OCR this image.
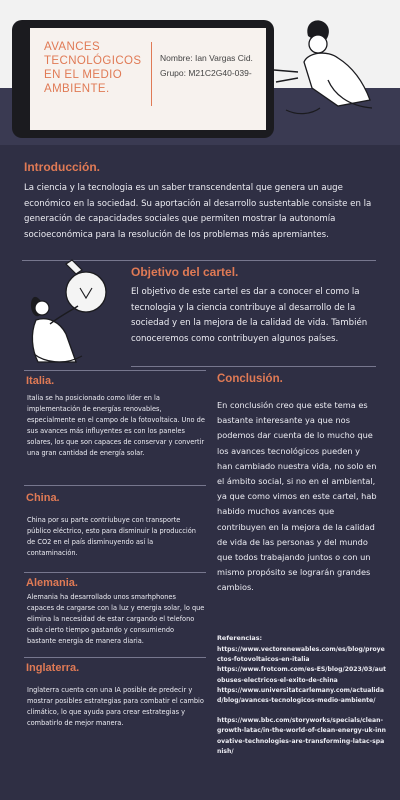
AVANCES TECNOLÓGICOS EN EL MEDIO AMBIENTE.
Nombre: Ian Vargas Cid.
Grupo: M21C2G40-039-
Introducción.
La ciencia y la tecnologia es un saber transcendental que genera un auge económico en la sociedad. Su aportación al desarrollo sustentable consiste en la generación de capacidades sociales que permiten mostrar la autonomía socioeconómica para la resolución de los problemas más apremiantes.
Objetivo del cartel.
El objetivo de este cartel es dar a conocer el como la tecnologia y la ciencia contribuye al desarrollo de la sociedad y en la mejora de la calidad de vida. También conoceremos como contribuyen algunos países.
Italia.
Italia se ha posicionado como líder en la implementación de energías renovables, especialmente en el campo de la fotovoltaica. Uno de sus avances más influyentes es con los paneles solares, los que son capaces de conservar y convertir una gran cantidad de energía solar.
China.
China por su parte contriubuye con transporte público eléctrico, esto para disminuir la producción de CO2 en el país disminuyendo así la contaminación.
Alemania.
Alemania ha desarrollado unos smarhphones capaces de cargarse con la luz y energia solar, lo que elimina la necesidad de estar cargando el telefono cada cierto tiempo gastando y consumiendo bastante energia de manera diaria.
Inglaterra.
Inglaterra cuenta con una IA posible de predecir y mostrar posibles estrategias para combatir el cambio climático, lo que ayuda para crear estrategias y combatirlo de mejor manera.
Conclusión.
En conclusión creo que este tema es bastante interesante ya que nos podemos dar cuenta de lo mucho que los avances tecnológicos pueden y han cambiado nuestra vida, no solo en el ámbito social, si no en el ambiental, ya que como vimos en este cartel, hab habido muchos avances que contribuyen en la mejora de la calidad de vida de las personas y del mundo que todos trabajando juntos o con un mismo propósito se lograrán grandes cambios.
Referencias:
https://www.vectorenewables.com/es/blog/proyectos-fotovoltaicos-en-italia
https://www.frotcom.com/es-ES/blog/2023/03/autobuses-electricos-el-exito-de-china
https://www.universitatcarlemany.com/actualidad/blog/avances-tecnologicos-medio-ambiente/
https://www.bbc.com/storyworks/specials/clean-growth-latac/in-the-world-of-clean-energy-uk-innovative-technologies-are-transforming-latac-spanish/
